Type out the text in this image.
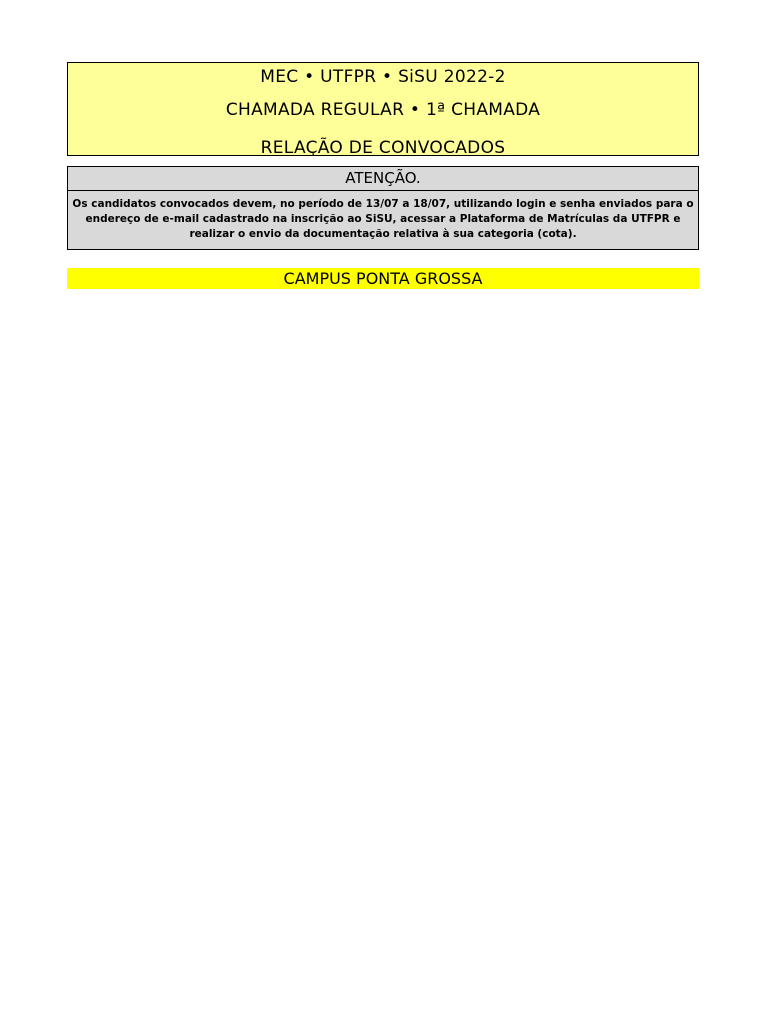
MEC • UTFPR • SiSU 2022-2
CHAMADA REGULAR • 1ª CHAMADA
RELAÇÃO DE CONVOCADOS
ATENÇÃO.
Os candidatos convocados devem, no período de 13/07 a 18/07, utilizando login e senha enviados para o endereço de e-mail cadastrado na inscrição ao SiSU, acessar a Plataforma de Matrículas da UTFPR e realizar o envio da documentação relativa à sua categoria (cota).
CAMPUS PONTA GROSSA
